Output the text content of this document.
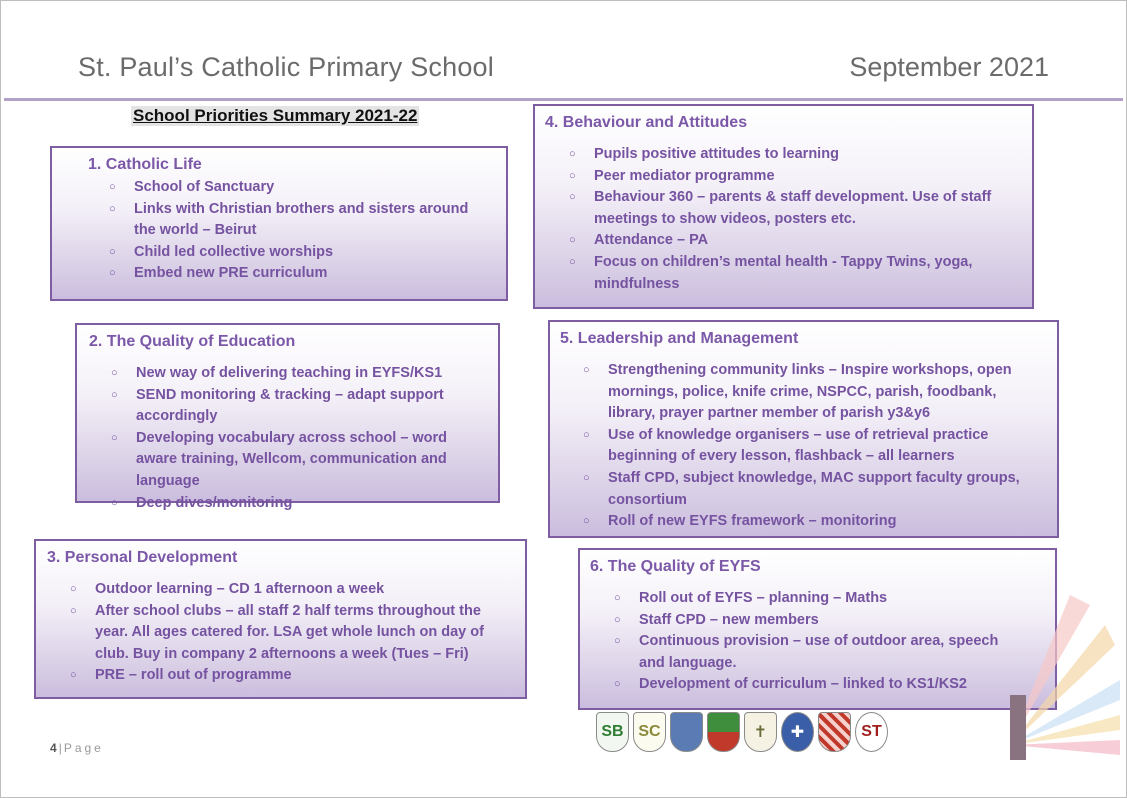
St. Paul’s Catholic Primary School	September 2021
School Priorities Summary 2021-22
1. Catholic Life
○ School of Sanctuary
○ Links with Christian brothers and sisters around the world – Beirut
○ Child led collective worships
○ Embed new PRE curriculum
2. The Quality of Education
○ New way of delivering teaching in EYFS/KS1
○ SEND monitoring & tracking – adapt support accordingly
○ Developing vocabulary across school – word aware training, Wellcom, communication and language
○ Deep dives/monitoring
3. Personal Development
○ Outdoor learning – CD 1 afternoon a week
○ After school clubs – all staff 2 half terms throughout the year. All ages catered for. LSA get whole lunch on day of club. Buy in company 2 afternoons a week (Tues – Fri)
○ PRE – roll out of programme
4. Behaviour and Attitudes
○ Pupils positive attitudes to learning
○ Peer mediator programme
○ Behaviour 360 – parents & staff development. Use of staff meetings to show videos, posters etc.
○ Attendance – PA
○ Focus on children’s mental health - Tappy Twins, yoga, mindfulness
5. Leadership and Management
○ Strengthening community links – Inspire workshops, open mornings, police, knife crime, NSPCC, parish, foodbank, library, prayer partner member of parish y3&y6
○ Use of knowledge organisers – use of retrieval practice beginning of every lesson, flashback – all learners
○ Staff CPD, subject knowledge, MAC support faculty groups, consortium
○ Roll of new EYFS framework – monitoring
6. The Quality of EYFS
○ Roll out of EYFS – planning – Maths
○ Staff CPD – new members
○ Continuous provision – use of outdoor area, speech and language.
○ Development of curriculum – linked to KS1/KS2
4 | Page
SB SC	✝ ✚	ST
